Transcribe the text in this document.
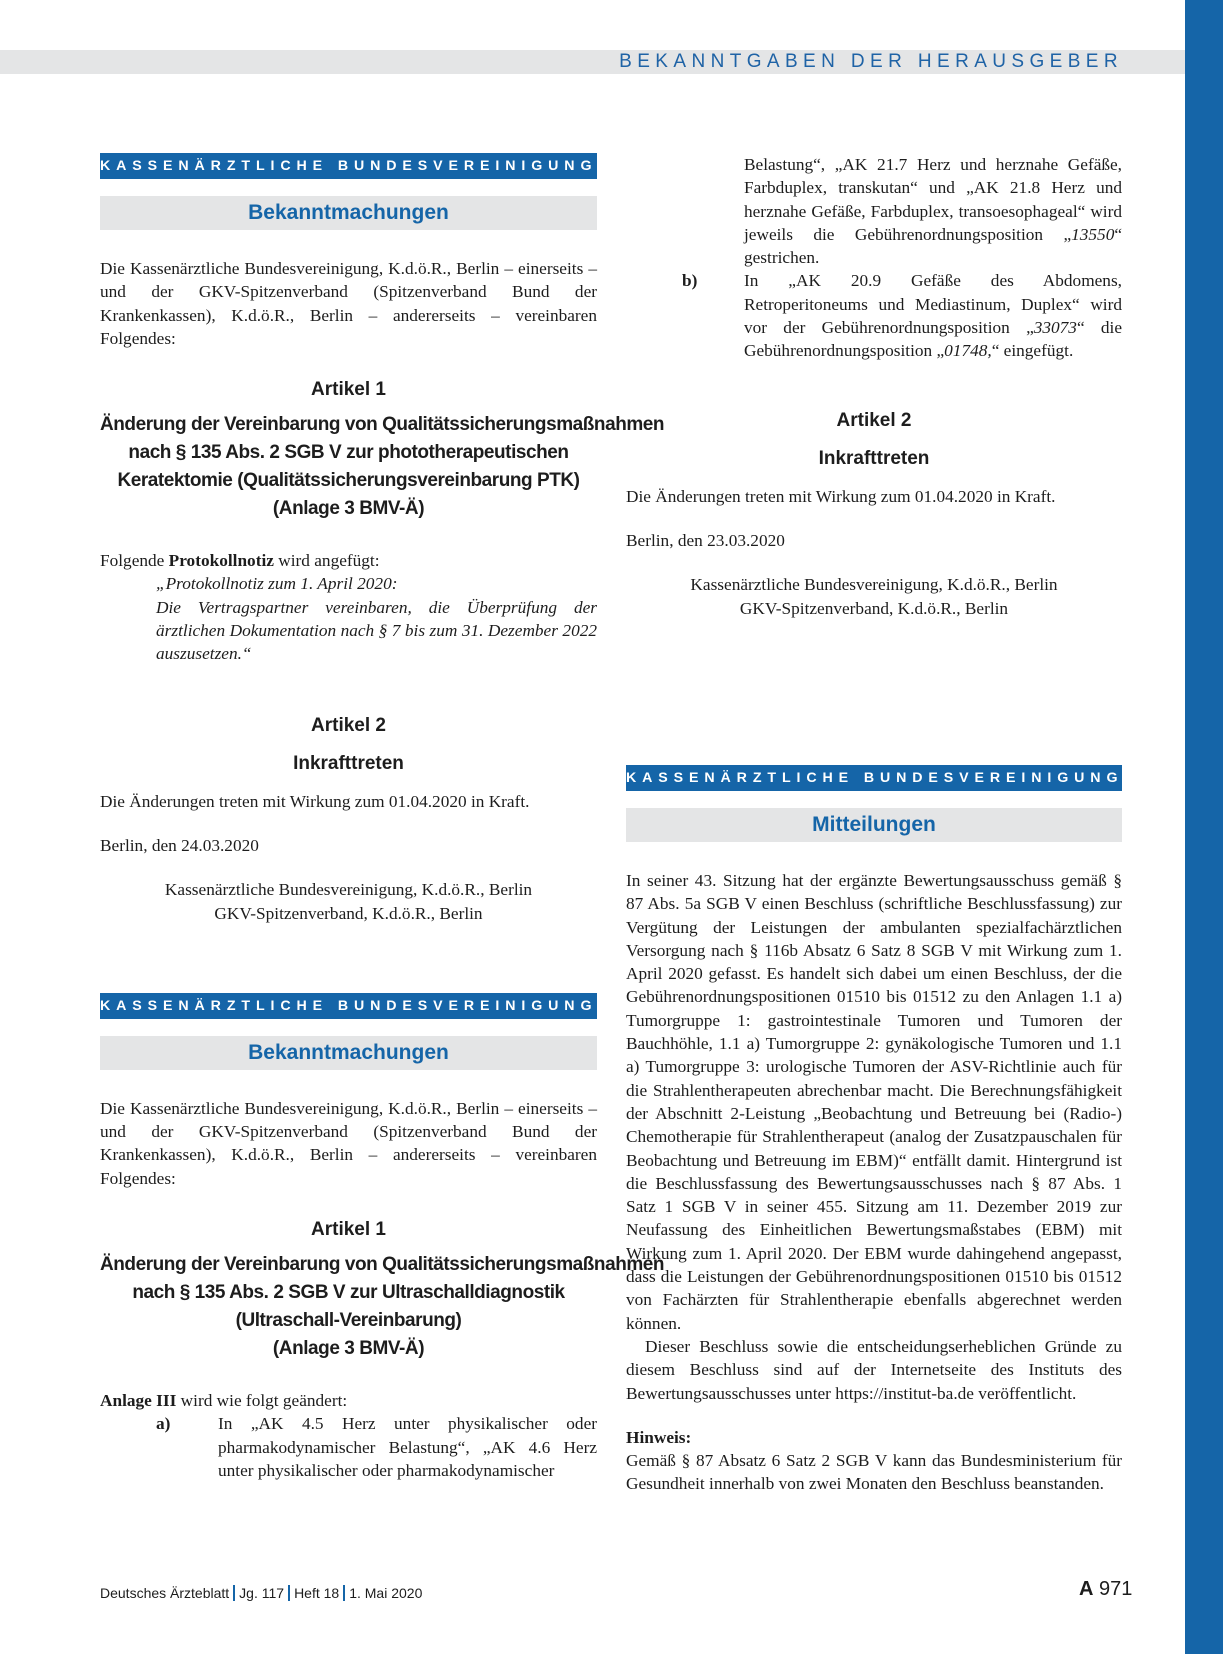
BEKANNTGABEN DER HERAUSGEBER
KASSENÄRZTLICHE BUNDESVEREINIGUNG
Bekanntmachungen

Die Kassenärztliche Bundesvereinigung, K.d.ö.R., Berlin – einerseits – und der GKV-Spitzenverband (Spitzenverband Bund der Krankenkassen), K.d.ö.R., Berlin – andererseits – vereinbaren Folgendes:

Artikel 1
Änderung der Vereinbarung von Qualitätssicherungsmaßnahmen
nach § 135 Abs. 2 SGB V zur phototherapeutischen
Keratektomie (Qualitätssicherungsvereinbarung PTK)
(Anlage 3 BMV-Ä)

Folgende Protokollnotiz wird angefügt:

„Protokollnotiz zum 1. April 2020:
Die Vertragspartner vereinbaren, die Überprüfung der ärztlichen Dokumentation nach § 7 bis zum 31. Dezember 2022 auszusetzen.“
Artikel 2
Inkrafttreten

Die Änderungen treten mit Wirkung zum 01.04.2020 in Kraft.

Berlin, den 24.03.2020

Kassenärztliche Bundesvereinigung, K.d.ö.R., Berlin

GKV-Spitzenverband, K.d.ö.R., Berlin

KASSENÄRZTLICHE BUNDESVEREINIGUNG
Bekanntmachungen

Die Kassenärztliche Bundesvereinigung, K.d.ö.R., Berlin – einerseits – und der GKV-Spitzenverband (Spitzenverband Bund der Krankenkassen), K.d.ö.R., Berlin – andererseits – vereinbaren Folgendes:

Artikel 1
Änderung der Vereinbarung von Qualitätssicherungsmaßnahmen
nach § 135 Abs. 2 SGB V zur Ultraschalldiagnostik
(Ultraschall-Vereinbarung)
(Anlage 3 BMV-Ä)

Anlage III wird wie folgt geändert:

a)	In „AK 4.5 Herz unter physikalischer oder pharmakodynamischer Belastung“, „AK 4.6 Herz unter physikalischer oder pharmakodynamischer

Belastung“, „AK 21.7 Herz und herznahe Gefäße, Farbduplex, transkutan“ und „AK 21.8 Herz und herznahe Gefäße, Farbduplex, transoesophageal“ wird jeweils die Gebührenordnungsposition „13550“ gestrichen.

b)	In „AK 20.9 Gefäße des Abdomens, Retroperitoneums und Mediastinum, Duplex“ wird vor der Gebührenordnungsposition „33073“ die Gebührenordnungsposition „01748,“ eingefügt.
Artikel 2
Inkrafttreten

Die Änderungen treten mit Wirkung zum 01.04.2020 in Kraft.

Berlin, den 23.03.2020

Kassenärztliche Bundesvereinigung, K.d.ö.R., Berlin

GKV-Spitzenverband, K.d.ö.R., Berlin

KASSENÄRZTLICHE BUNDESVEREINIGUNG
Mitteilungen

In seiner 43. Sitzung hat der ergänzte Bewertungsausschuss gemäß § 87 Abs. 5a SGB V einen Beschluss (schriftliche Beschlussfassung) zur Vergütung der Leistungen der ambulanten spezialfachärztlichen Versorgung nach § 116b Absatz 6 Satz 8 SGB V mit Wirkung zum 1. April 2020 gefasst. Es handelt sich dabei um einen Beschluss, der die Gebührenordnungspositionen 01510 bis 01512 zu den Anlagen 1.1 a) Tumorgruppe 1: gastrointestinale Tumoren und Tumoren der Bauchhöhle, 1.1 a) Tumorgruppe 2: gynäkologische Tumoren und 1.1 a) Tumorgruppe 3: urologische Tumoren der ASV-Richtlinie auch für die Strahlentherapeuten abrechenbar macht. Die Berechnungsfähigkeit der Abschnitt 2-Leistung „Beobachtung und Betreuung bei (Radio-) Chemotherapie für Strahlentherapeut (analog der Zusatzpauschalen für Beobachtung und Betreuung im EBM)“ entfällt damit. Hintergrund ist die Beschlussfassung des Bewertungsausschusses nach § 87 Abs. 1 Satz 1 SGB V in seiner 455. Sitzung am 11. Dezember 2019 zur Neufassung des Einheitlichen Bewertungsmaßstabes (EBM) mit Wirkung zum 1. April 2020. Der EBM wurde dahingehend angepasst, dass die Leistungen der Gebührenordnungspositionen 01510 bis 01512 von Fachärzten für Strahlentherapie ebenfalls abgerechnet werden können.

Dieser Beschluss sowie die entscheidungserheblichen Gründe zu diesem Beschluss sind auf der Internetseite des Instituts des Bewertungsausschusses unter https://institut-ba.de veröffentlicht.

Hinweis:

Gemäß § 87 Absatz 6 Satz 2 SGB V kann das Bundesministerium für Gesundheit innerhalb von zwei Monaten den Beschluss beanstanden.

Deutsches Ärzteblatt Jg. 117 Heft 18 1. Mai 2020	A 971
